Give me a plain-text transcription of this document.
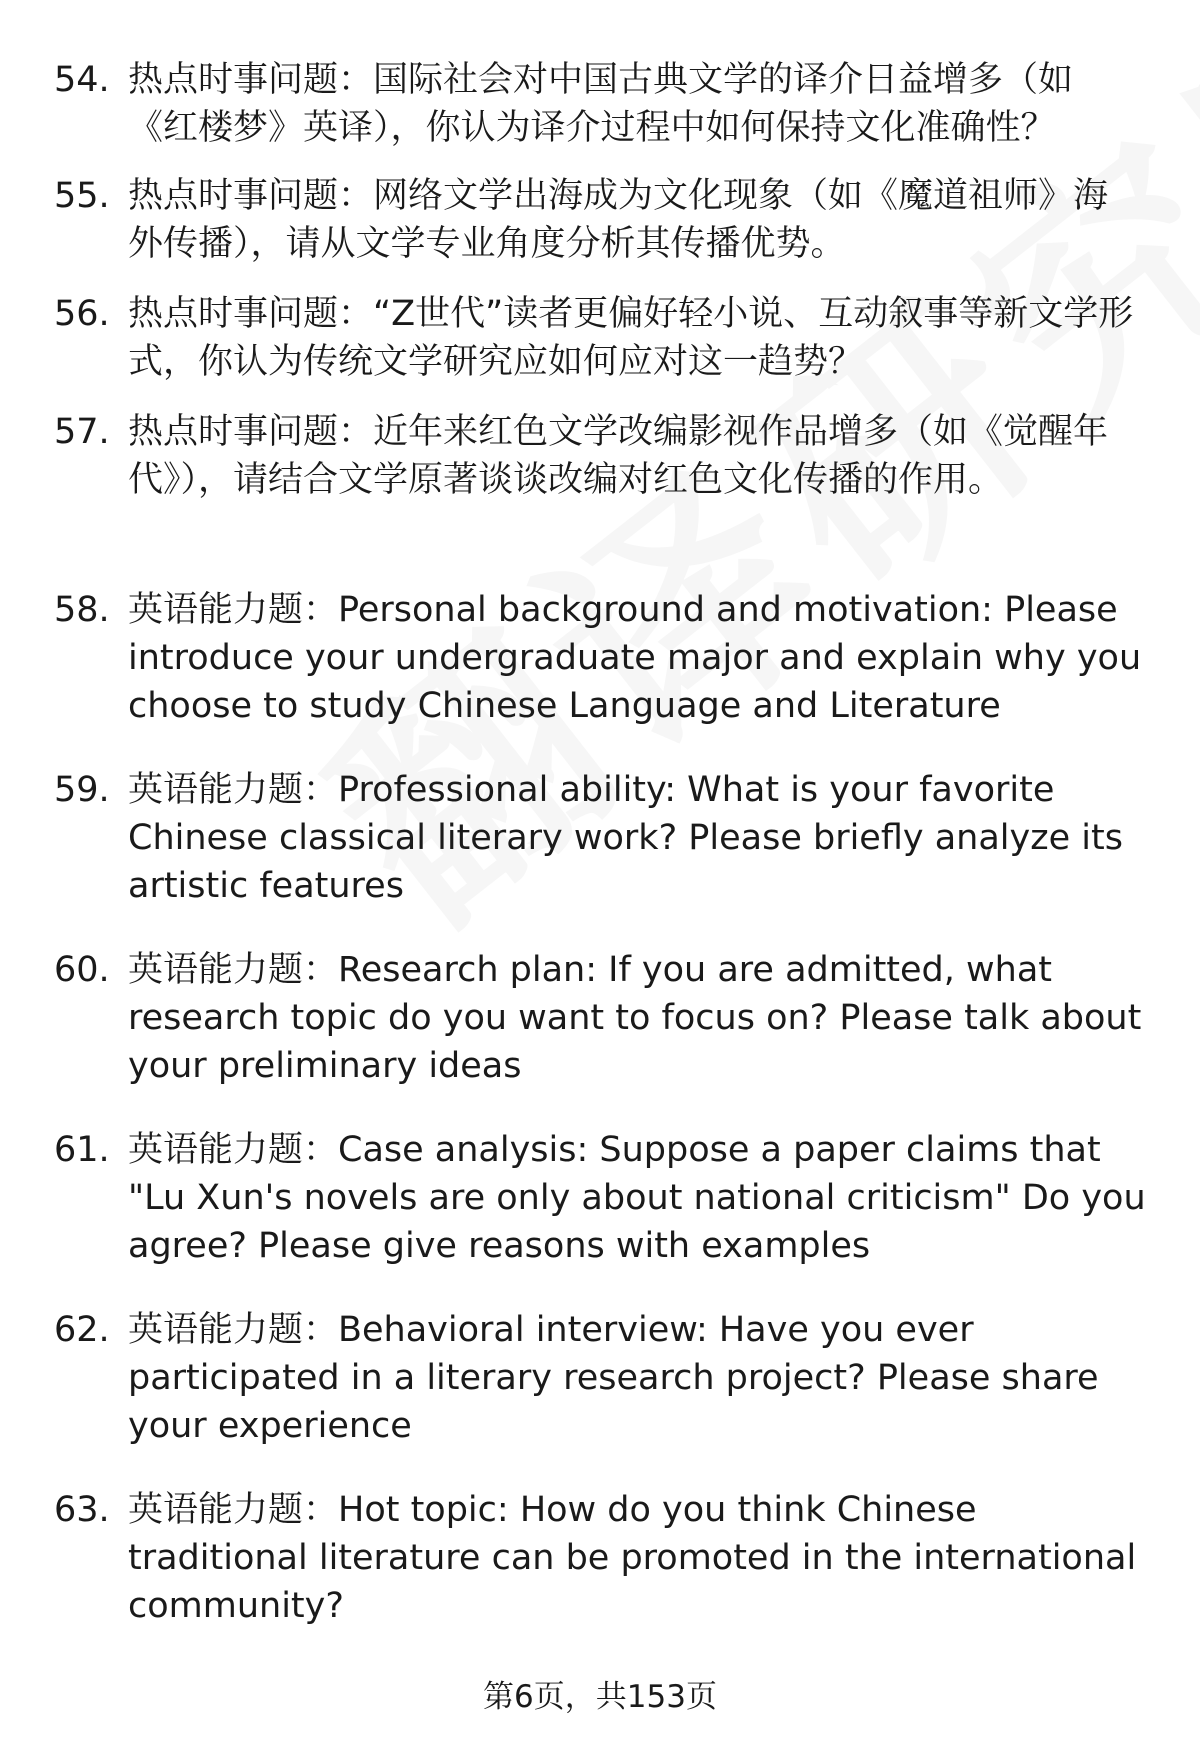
54. 热点时事问题：国际社会对中国古典文学的译介日益增多（如《红楼梦》英译），你认为译介过程中如何保持文化准确性？
55. 热点时事问题：网络文学出海成为文化现象（如《魔道祖师》海外传播），请从文学专业角度分析其传播优势。
56. 热点时事问题：“Z世代”读者更偏好轻小说、互动叙事等新文学形式，你认为传统文学研究应如何应对这一趋势？
57. 热点时事问题：近年来红色文学改编影视作品增多（如《觉醒年代》），请结合文学原著谈谈改编对红色文化传播的作用。
58. 英语能力题：Personal background and motivation: Please introduce your undergraduate major and explain why you choose to study Chinese Language and Literature
59. 英语能力题：Professional ability: What is your favorite Chinese classical literary work? Please briefly analyze its artistic features
60. 英语能力题：Research plan: If you are admitted, what research topic do you want to focus on? Please talk about your preliminary ideas
61. 英语能力题：Case analysis: Suppose a paper claims that "Lu Xun's novels are only about national criticism" Do you agree? Please give reasons with examples
62. 英语能力题：Behavioral interview: Have you ever participated in a literary research project? Please share your experience
63. 英语能力题：Hot topic: How do you think Chinese traditional literature can be promoted in the international community?
第6页，共153页
